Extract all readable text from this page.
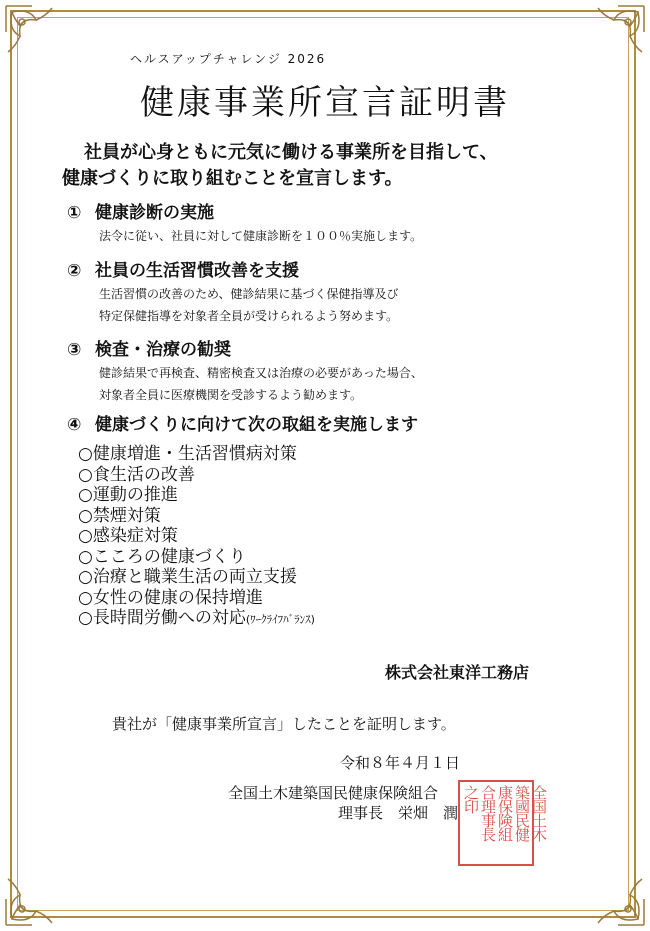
ヘルスアップチャレンジ 2026
健康事業所宣言証明書
社員が心身ともに元気に働ける事業所を目指して、
健康づくりに取り組むことを宣言します。
① 健康診断の実施
法令に従い、社員に対して健康診断を１００％実施します。
② 社員の生活習慣改善を支援
生活習慣の改善のため、健診結果に基づく保健指導及び
特定保健指導を対象者全員が受けられるよう努めます。
③ 検査・治療の勧奨
健診結果で再検査、精密検査又は治療の必要があった場合、
対象者全員に医療機関を受診するよう勧めます。
④ 健康づくりに向けて次の取組を実施します
○健康増進・生活習慣病対策
○食生活の改善
○運動の推進
○禁煙対策
○感染症対策
○こころの健康づくり
○治療と職業生活の両立支援
○女性の健康の保持増進
○長時間労働への対応(ﾜｰｸﾗｲﾌﾊﾞﾗﾝｽ)
株式会社東洋工務店
貴社が「健康事業所宣言」したことを証明します。
令和８年４月１日
全国土木
築國民健
康保険組
合理事長
之印
全国土木建築国民健康保険組合
理事長　栄畑　潤
